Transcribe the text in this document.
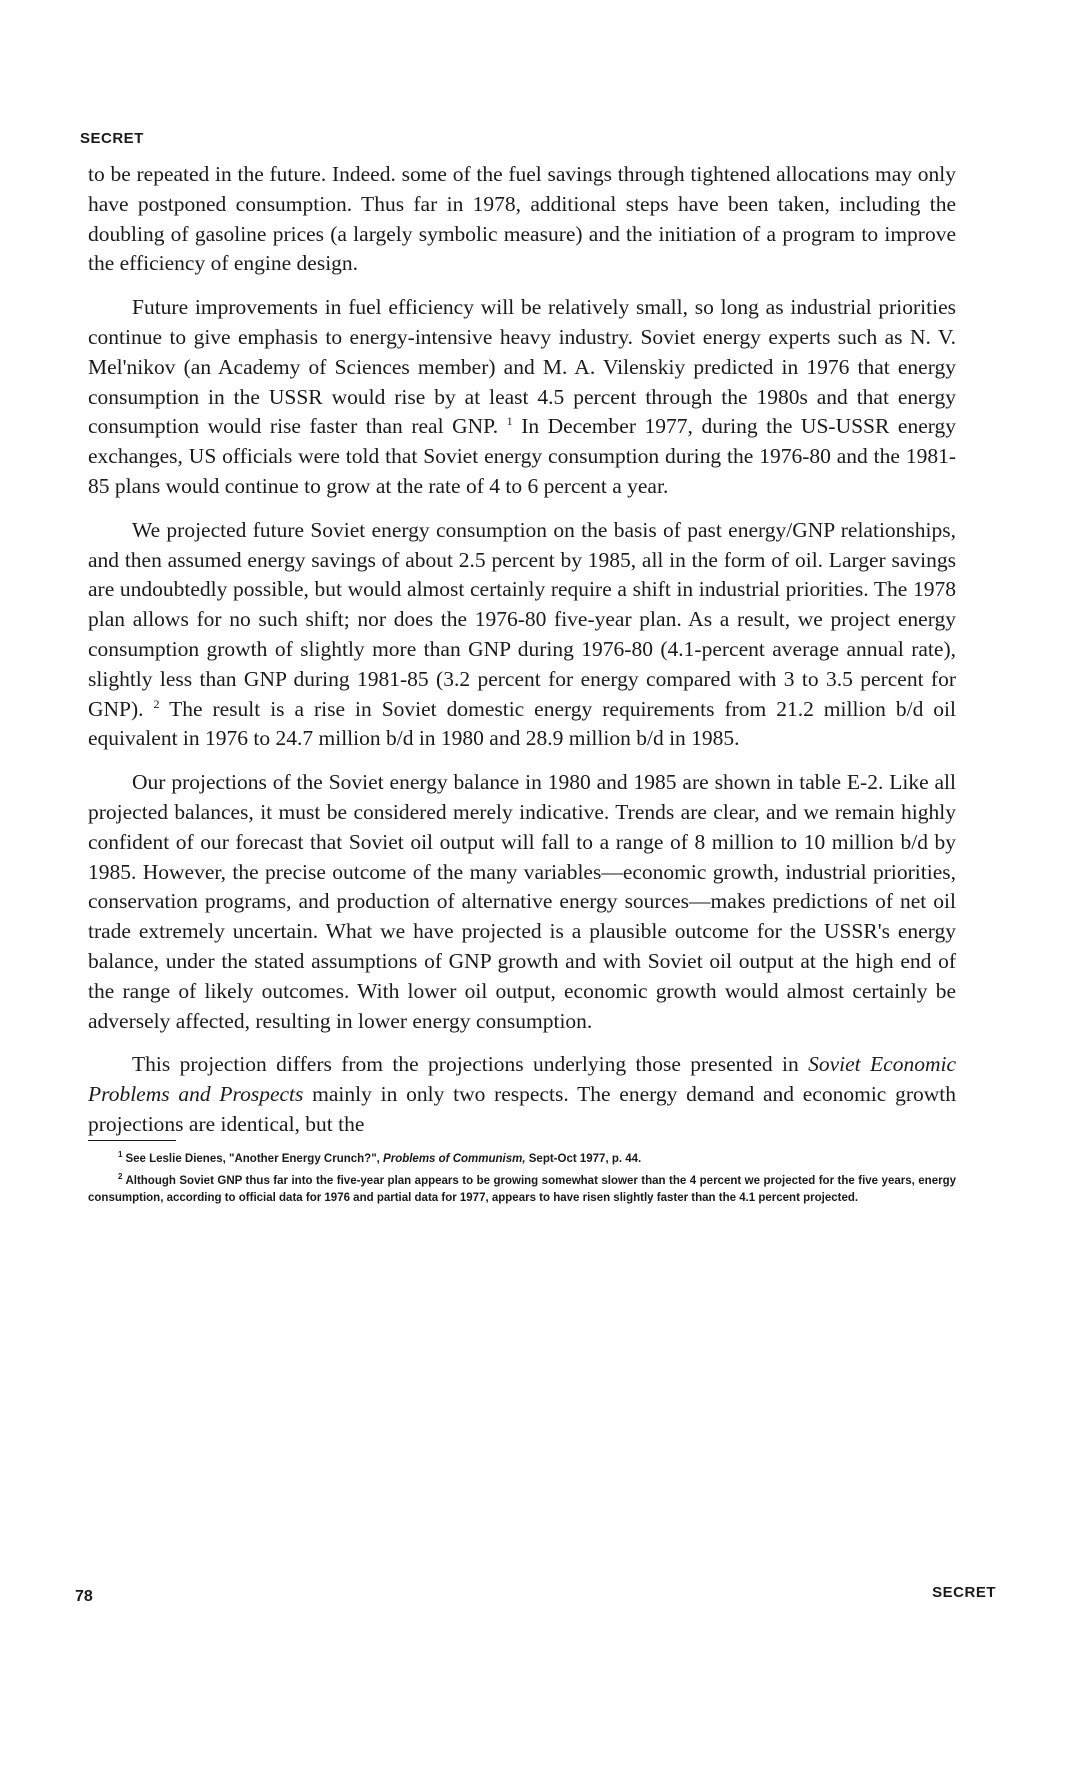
SECRET

to be repeated in the future. Indeed. some of the fuel savings through tightened allocations may only have postponed consumption. Thus far in 1978, additional steps have been taken, including the doubling of gasoline prices (a largely symbolic measure) and the initiation of a program to improve the efficiency of engine design.

Future improvements in fuel efficiency will be relatively small, so long as industrial priorities continue to give emphasis to energy-intensive heavy industry. Soviet energy experts such as N. V. Mel'nikov (an Academy of Sciences member) and M. A. Vilenskiy predicted in 1976 that energy consumption in the USSR would rise by at least 4.5 percent through the 1980s and that energy consumption would rise faster than real GNP. $^1$ In December 1977, during the US-USSR energy exchanges, US officials were told that Soviet energy consumption during the 1976-80 and the 1981-85 plans would continue to grow at the rate of 4 to 6 percent a year.

We projected future Soviet energy consumption on the basis of past energy/GNP relationships, and then assumed energy savings of about 2.5 percent by 1985, all in the form of oil. Larger savings are undoubtedly possible, but would almost certainly require a shift in industrial priorities. The 1978 plan allows for no such shift; nor does the 1976-80 five-year plan. As a result, we project energy consumption growth of slightly more than GNP during 1976-80 (4.1-percent average annual rate), slightly less than GNP during 1981-85 (3.2 percent for energy compared with 3 to 3.5 percent for GNP). $^2$ The result is a rise in Soviet domestic energy requirements from 21.2 million b/d oil equivalent in 1976 to 24.7 million b/d in 1980 and 28.9 million b/d in 1985.

Our projections of the Soviet energy balance in 1980 and 1985 are shown in table E-2. Like all projected balances, it must be considered merely indicative. Trends are clear, and we remain highly confident of our forecast that Soviet oil output will fall to a range of 8 million to 10 million b/d by 1985. However, the precise outcome of the many variables—economic growth, industrial priorities, conservation programs, and production of alternative energy sources—makes predictions of net oil trade extremely uncertain. What we have projected is a plausible outcome for the USSR's energy balance, under the stated assumptions of GNP growth and with Soviet oil output at the high end of the range of likely outcomes. With lower oil output, economic growth would almost certainly be adversely affected, resulting in lower energy consumption.

This projection differs from the projections underlying those presented in Soviet Economic Problems and Prospects mainly in only two respects. The energy demand and economic growth projections are identical, but the

$^1$ See Leslie Dienes, "Another Energy Crunch?", Problems of Communism, Sept-Oct 1977, p. 44.

$^2$ Although Soviet GNP thus far into the five-year plan appears to be growing somewhat slower than the 4 percent we projected for the five years, energy consumption, according to official data for 1976 and partial data for 1977, appears to have risen slightly faster than the 4.1 percent projected.

78	SECRET
